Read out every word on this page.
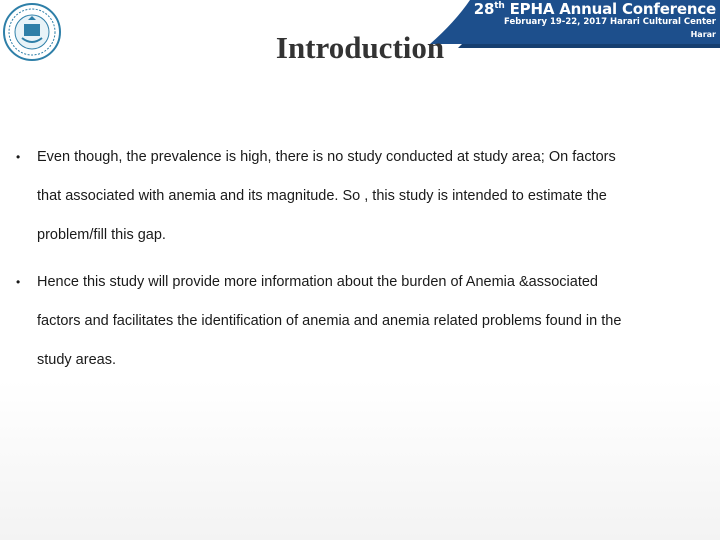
28th EPHA Annual Conference
February 19-22, 2017 Harari Cultural Center
Harar
Introduction
• Even though, the prevalence is high, there is no study conducted at study area; On factors
that associated with anemia and its magnitude. So , this study is intended to estimate the
problem/fill this gap.
• Hence this study will provide more information about the burden of Anemia &associated
factors and facilitates the identification of anemia and anemia related problems found in the
study areas.
